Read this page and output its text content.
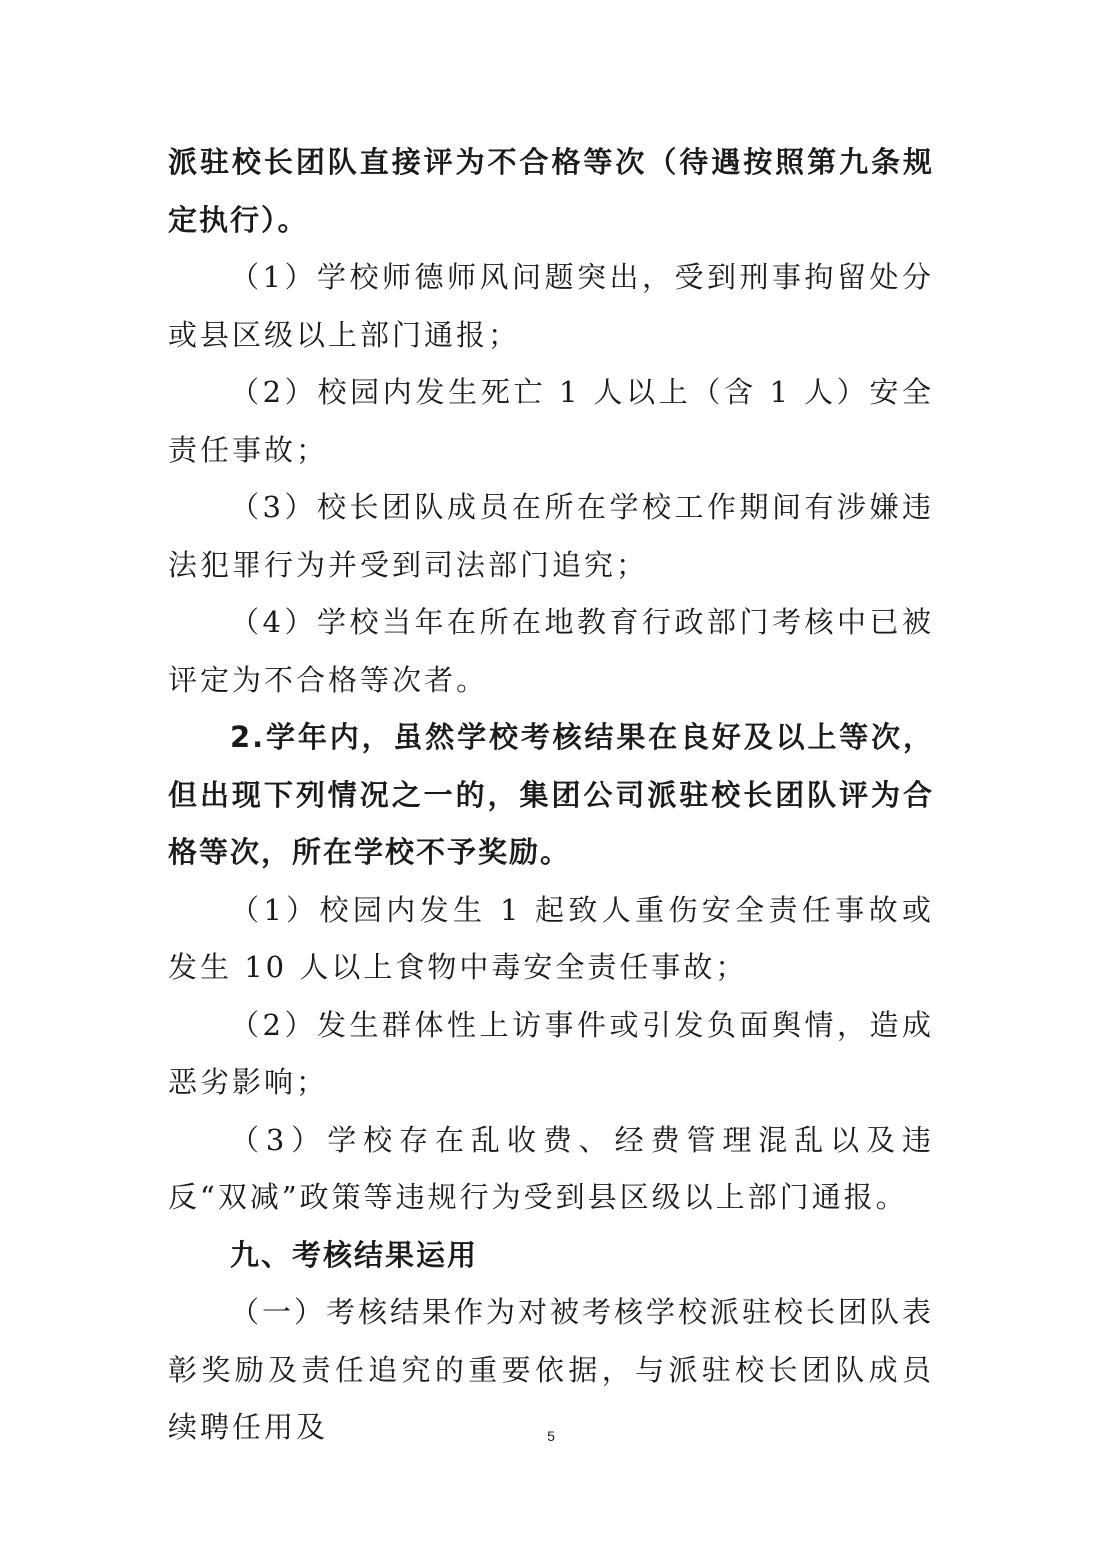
派驻校长团队直接评为不合格等次（待遇按照第九条规定执行）。

（1）学校师德师风问题突出，受到刑事拘留处分或县区级以上部门通报；

（2）校园内发生死亡 1 人以上（含 1 人）安全责任事故；

（3）校长团队成员在所在学校工作期间有涉嫌违法犯罪行为并受到司法部门追究；

（4）学校当年在所在地教育行政部门考核中已被评定为不合格等次者。

2.学年内，虽然学校考核结果在良好及以上等次，但出现下列情况之一的，集团公司派驻校长团队评为合格等次，所在学校不予奖励。

（1）校园内发生 1 起致人重伤安全责任事故或发生 10 人以上食物中毒安全责任事故；

（2）发生群体性上访事件或引发负面舆情，造成恶劣影响；

（3）学校存在乱收费、经费管理混乱以及违反“双减”政策等违规行为受到县区级以上部门通报。

九、考核结果运用

（一）考核结果作为对被考核学校派驻校长团队表彰奖励及责任追究的重要依据，与派驻校长团队成员续聘任用及	5
